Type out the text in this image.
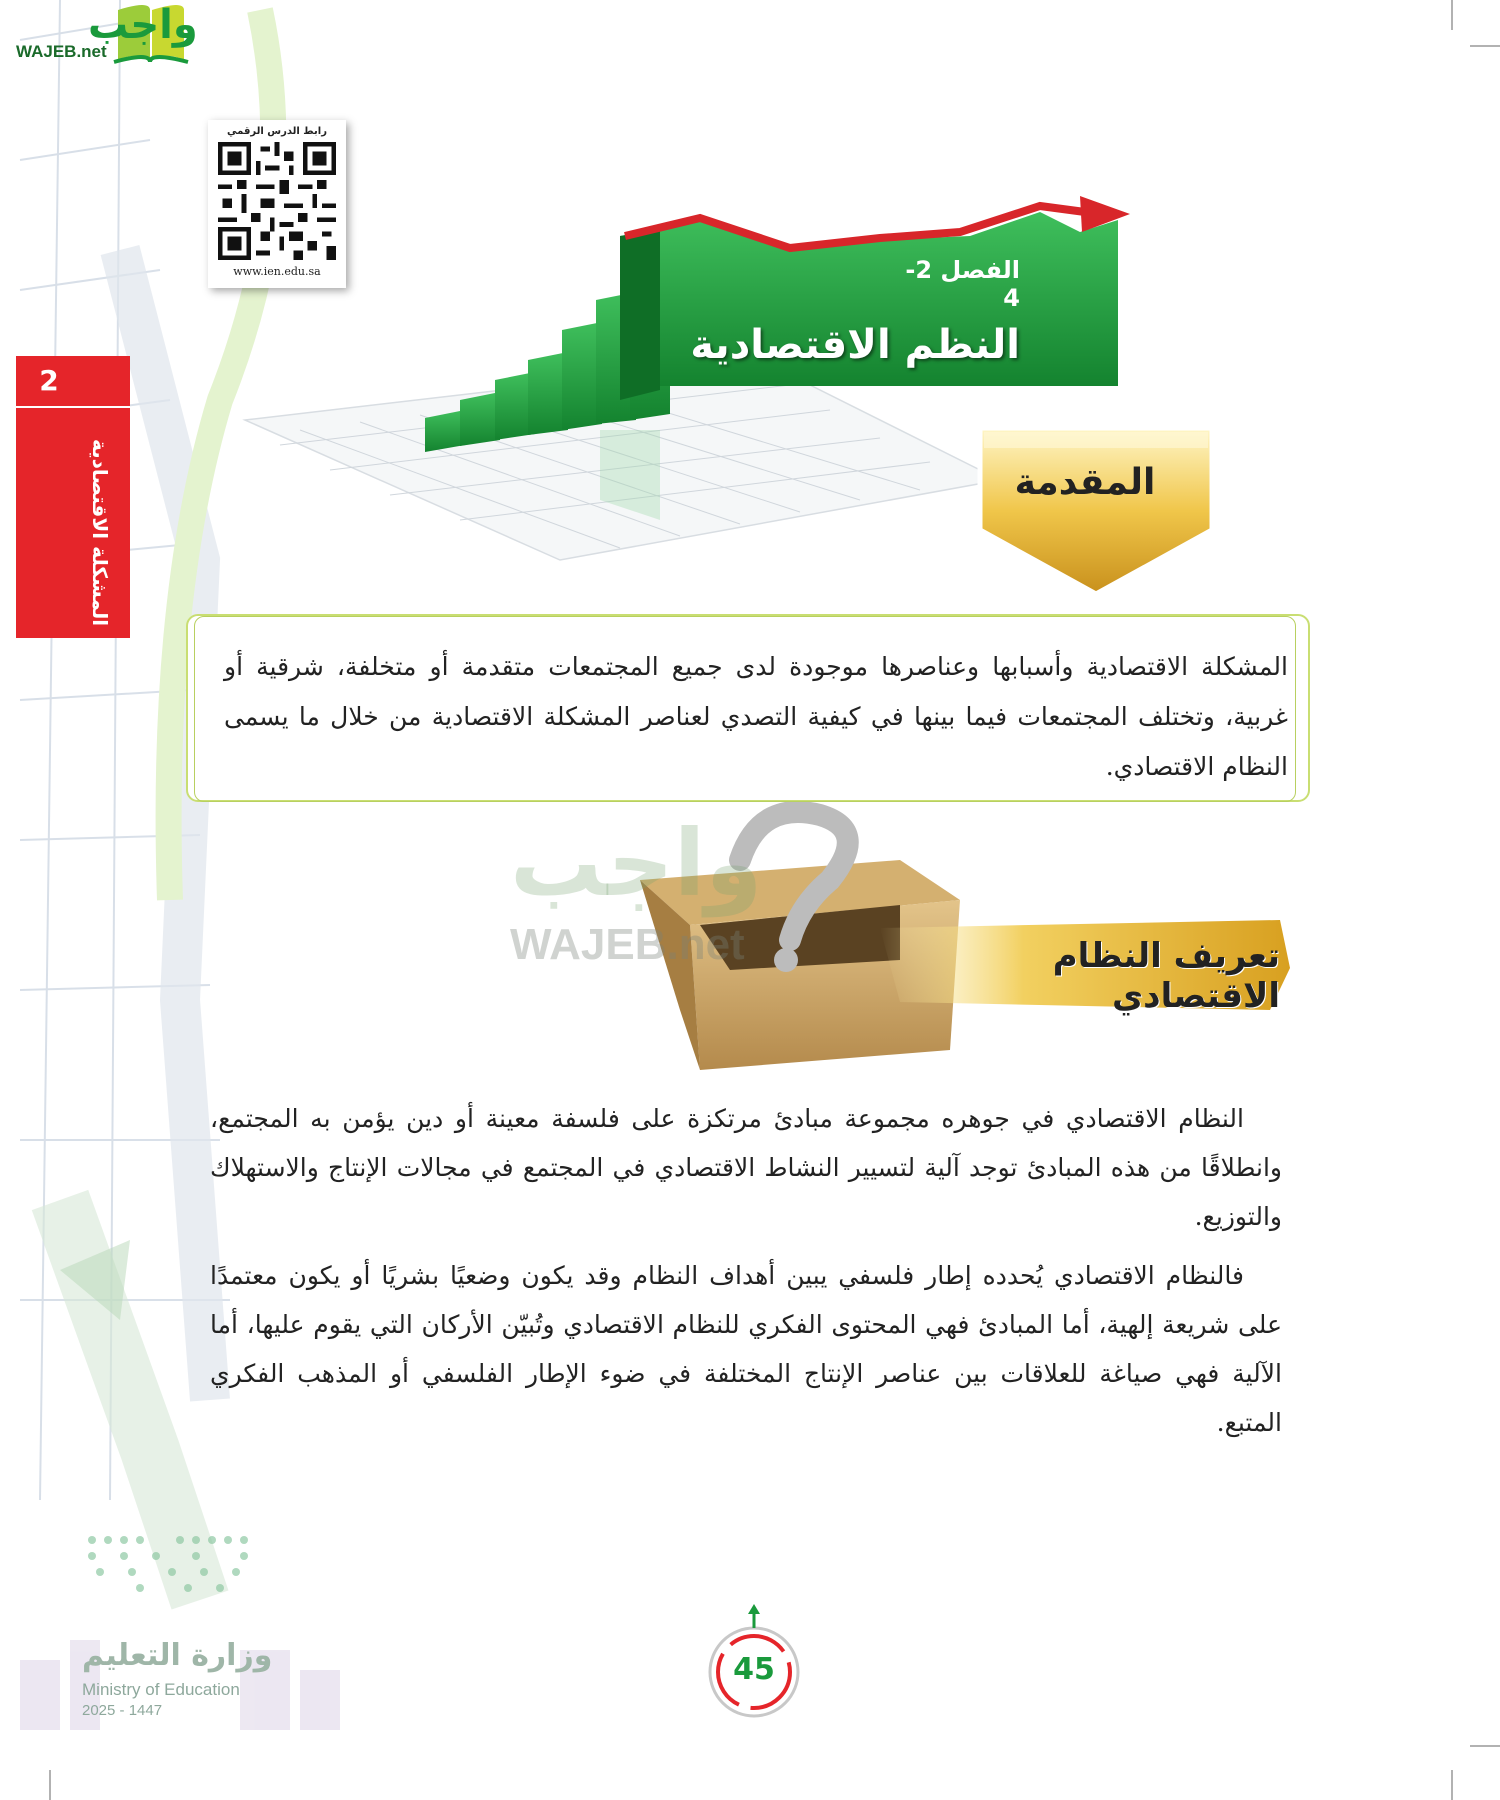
واجب
WAJEB.net
رابط الدرس الرقمي
www.ien.edu.sa
2
المشكلة الاقتصادية
الفصل 2-4
النظم الاقتصادية
المقدمة
المشكلة الاقتصادية وأسبابها وعناصرها موجودة لدى جميع المجتمعات متقدمة أو متخلفة، شرقية أو غربية، وتختلف المجتمعات فيما بينها في كيفية التصدي لعناصر المشكلة الاقتصادية من خلال ما يسمى النظام الاقتصادي.
واجب
WAJEB.net	تعريف النظام الاقتصادي
النظام الاقتصادي في جوهره مجموعة مبادئ مرتكزة على فلسفة معينة أو دين يؤمن به المجتمع، وانطلاقًا من هذه المبادئ توجد آلية لتسيير النشاط الاقتصادي في المجتمع في مجالات الإنتاج والاستهلاك والتوزيع.
فالنظام الاقتصادي يُحدده إطار فلسفي يبين أهداف النظام وقد يكون وضعيًا بشريًا أو يكون معتمدًا على شريعة إلهية، أما المبادئ فهي المحتوى الفكري للنظام الاقتصادي وتُبيّن الأركان التي يقوم عليها، أما الآلية فهي صياغة للعلاقات بين عناصر الإنتاج المختلفة في ضوء الإطار الفلسفي أو المذهب الفكري المتبع.
وزارة التعليم
Ministry of Education
2025 - 1447
45
